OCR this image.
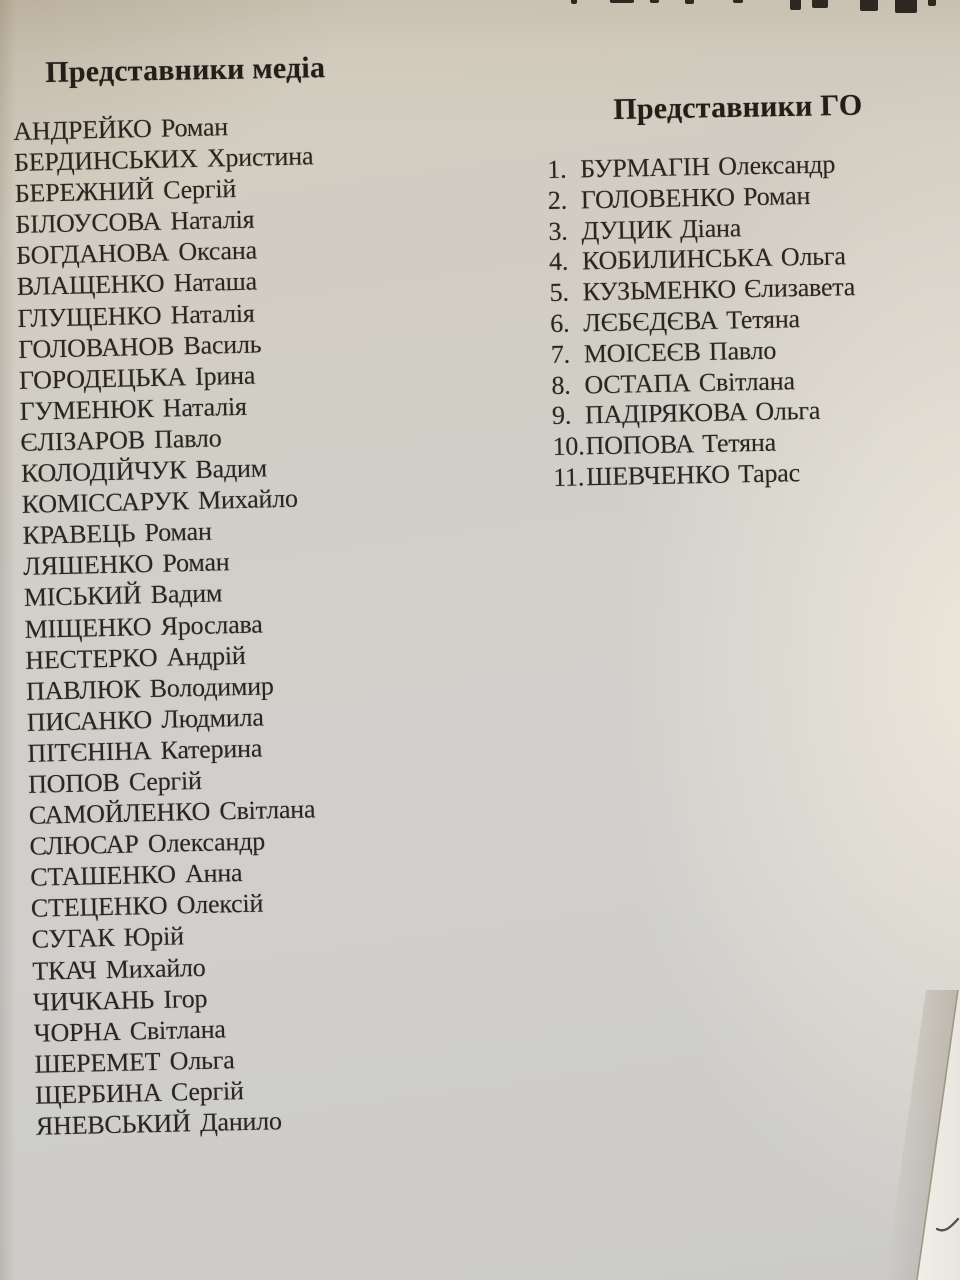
Представники медіа
Представники ГО
АНДРЕЙКО Роман
БЕРДИНСЬКИХ Христина
БЕРЕЖНИЙ Сергій
БІЛОУСОВА Наталія
БОГДАНОВА Оксана
ВЛАЩЕНКО Наташа
ГЛУЩЕНКО Наталія
ГОЛОВАНОВ Василь
ГОРОДЕЦЬКА Ірина
ГУМЕНЮК Наталія
ЄЛІЗАРОВ Павло
КОЛОДІЙЧУК Вадим
КОМІССАРУК Михайло
КРАВЕЦЬ Роман
ЛЯШЕНКО Роман
МІСЬКИЙ Вадим
МІЩЕНКО Ярослава
НЕСТЕРКО Андрій
ПАВЛЮК Володимир
ПИСАНКО Людмила
ПІТЄНІНА Катерина
ПОПОВ Сергій
САМОЙЛЕНКО Світлана
СЛЮСАР Олександр
СТАШЕНКО Анна
СТЕЦЕНКО Олексій
СУГАК Юрій
ТКАЧ Михайло
ЧИЧКАНЬ Ігор
ЧОРНА Світлана
ШЕРЕМЕТ Ольга
ЩЕРБИНА Сергій
ЯНЕВСЬКИЙ Данило
1. БУРМАГІН Олександр
2. ГОЛОВЕНКО Роман
3. ДУЦИК Діана
4. КОБИЛИНСЬКА Ольга
5. КУЗЬМЕНКО Єлизавета
6. ЛЄБЄДЄВА Тетяна
7. МОІСЕЄВ Павло
8. ОСТАПА Світлана
9. ПАДІРЯКОВА Ольга
10.ПОПОВА Тетяна
11.ШЕВЧЕНКО Тарас
